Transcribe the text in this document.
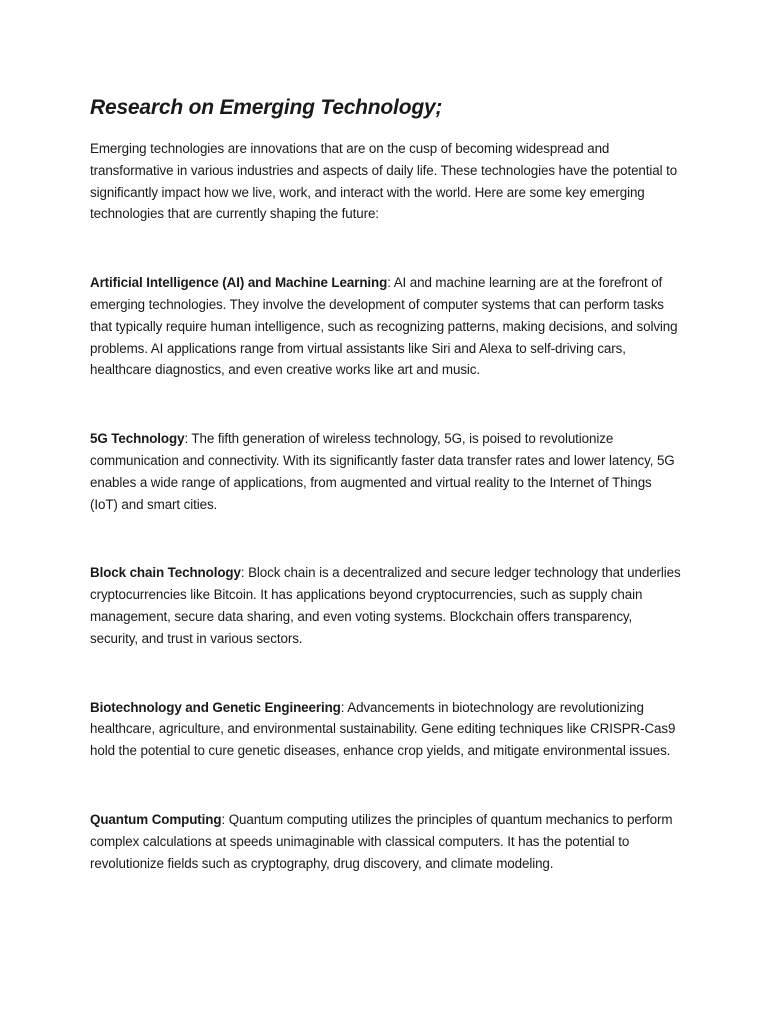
Research on Emerging Technology;

Emerging technologies are innovations that are on the cusp of becoming widespread and transformative in various industries and aspects of daily life. These technologies have the potential to significantly impact how we live, work, and interact with the world. Here are some key emerging technologies that are currently shaping the future:

Artificial Intelligence (AI) and Machine Learning: AI and machine learning are at the forefront of emerging technologies. They involve the development of computer systems that can perform tasks that typically require human intelligence, such as recognizing patterns, making decisions, and solving problems. AI applications range from virtual assistants like Siri and Alexa to self-driving cars, healthcare diagnostics, and even creative works like art and music.

5G Technology: The fifth generation of wireless technology, 5G, is poised to revolutionize communication and connectivity. With its significantly faster data transfer rates and lower latency, 5G enables a wide range of applications, from augmented and virtual reality to the Internet of Things (IoT) and smart cities.

Block chain Technology: Block chain is a decentralized and secure ledger technology that underlies cryptocurrencies like Bitcoin. It has applications beyond cryptocurrencies, such as supply chain management, secure data sharing, and even voting systems. Blockchain offers transparency, security, and trust in various sectors.

Biotechnology and Genetic Engineering: Advancements in biotechnology are revolutionizing healthcare, agriculture, and environmental sustainability. Gene editing techniques like CRISPR-Cas9 hold the potential to cure genetic diseases, enhance crop yields, and mitigate environmental issues.

Quantum Computing: Quantum computing utilizes the principles of quantum mechanics to perform complex calculations at speeds unimaginable with classical computers. It has the potential to revolutionize fields such as cryptography, drug discovery, and climate modeling.
